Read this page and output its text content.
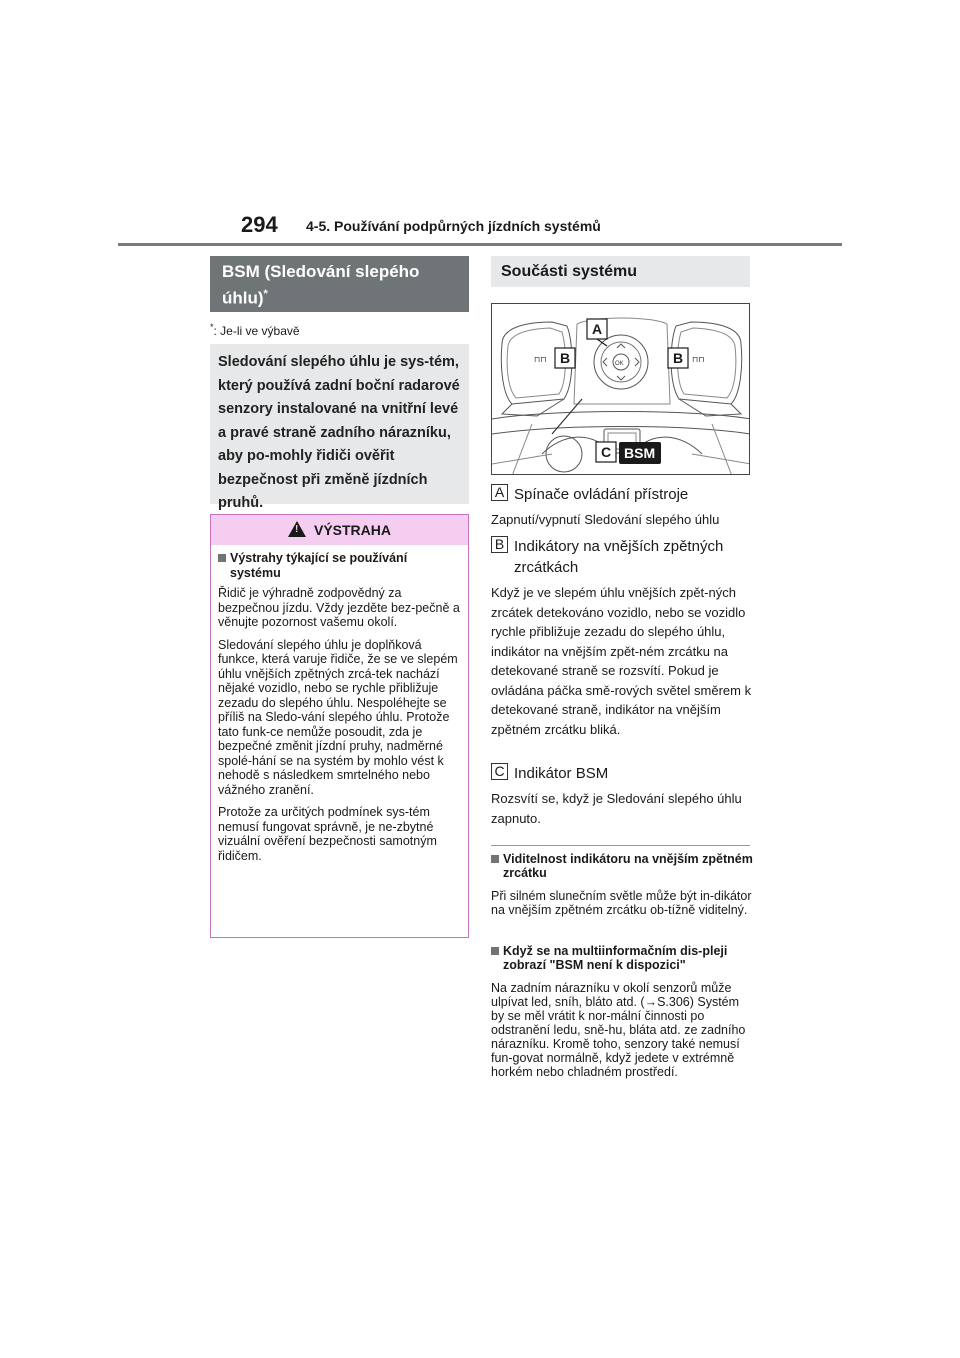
294 4-5. Používání podpůrných jízdních systémů
BSM (Sledování slepého
úhlu)*
*: Je-li ve výbavě
Sledování slepého úhlu je sys-tém, který používá zadní boční radarové senzory instalované na vnitřní levé a pravé straně zadního nárazníku, aby po-mohly řidiči ověřit bezpečnost při změně jízdních pruhů.
!VÝSTRAHA
Výstrahy týkající se používání systému

Řidič je výhradně zodpovědný za bezpečnou jízdu. Vždy jezděte bez-pečně a věnujte pozornost vašemu okolí.

Sledování slepého úhlu je doplňková funkce, která varuje řidiče, že se ve slepém úhlu vnějších zpětných zrcá-tek nachází nějaké vozidlo, nebo se rychle přibližuje zezadu do slepého úhlu. Nespoléhejte se příliš na Sledo-vání slepého úhlu. Protože tato funk-ce nemůže posoudit, zda je bezpečné změnit jízdní pruhy, nadměrné spolé-hání se na systém by mohlo vést k nehodě s následkem smrtelného nebo vážného zranění.

Protože za určitých podmínek sys-tém nemusí fungovat správně, je ne-zbytné vizuální ověření bezpečnosti samotným řidičem.

Součásti systému
⊓⊓	⊓⊓
OK
A
B	B
C BSM
A Spínače ovládání přístroje
Zapnutí/vypnutí Sledování slepého úhlu
B Indikátory na vnějších zpětných zrcátkách
Když je ve slepém úhlu vnějších zpět-ných zrcátek detekováno vozidlo, nebo se vozidlo rychle přibližuje zezadu do slepého úhlu, indikátor na vnějším zpět-ném zrcátku na detekované straně se rozsvítí. Pokud je ovládána páčka smě-rových světel směrem k detekované straně, indikátor na vnějším zpětném zrcátku bliká.
C Indikátor BSM
Rozsvítí se, když je Sledování slepého úhlu zapnuto.
Viditelnost indikátoru na vnějším zpětném zrcátku
Při silném slunečním světle může být in-dikátor na vnějším zpětném zrcátku ob-tížně viditelný.
Když se na multiinformačním dis-pleji zobrazí "BSM není k dispozici"
Na zadním nárazníku v okolí senzorů může ulpívat led, sníh, bláto atd. (→S.306) Systém by se měl vrátit k nor-mální činnosti po odstranění ledu, sně-hu, bláta atd. ze zadního nárazníku. Kromě toho, senzory také nemusí fun-govat normálně, když jedete v extrémně horkém nebo chladném prostředí.
